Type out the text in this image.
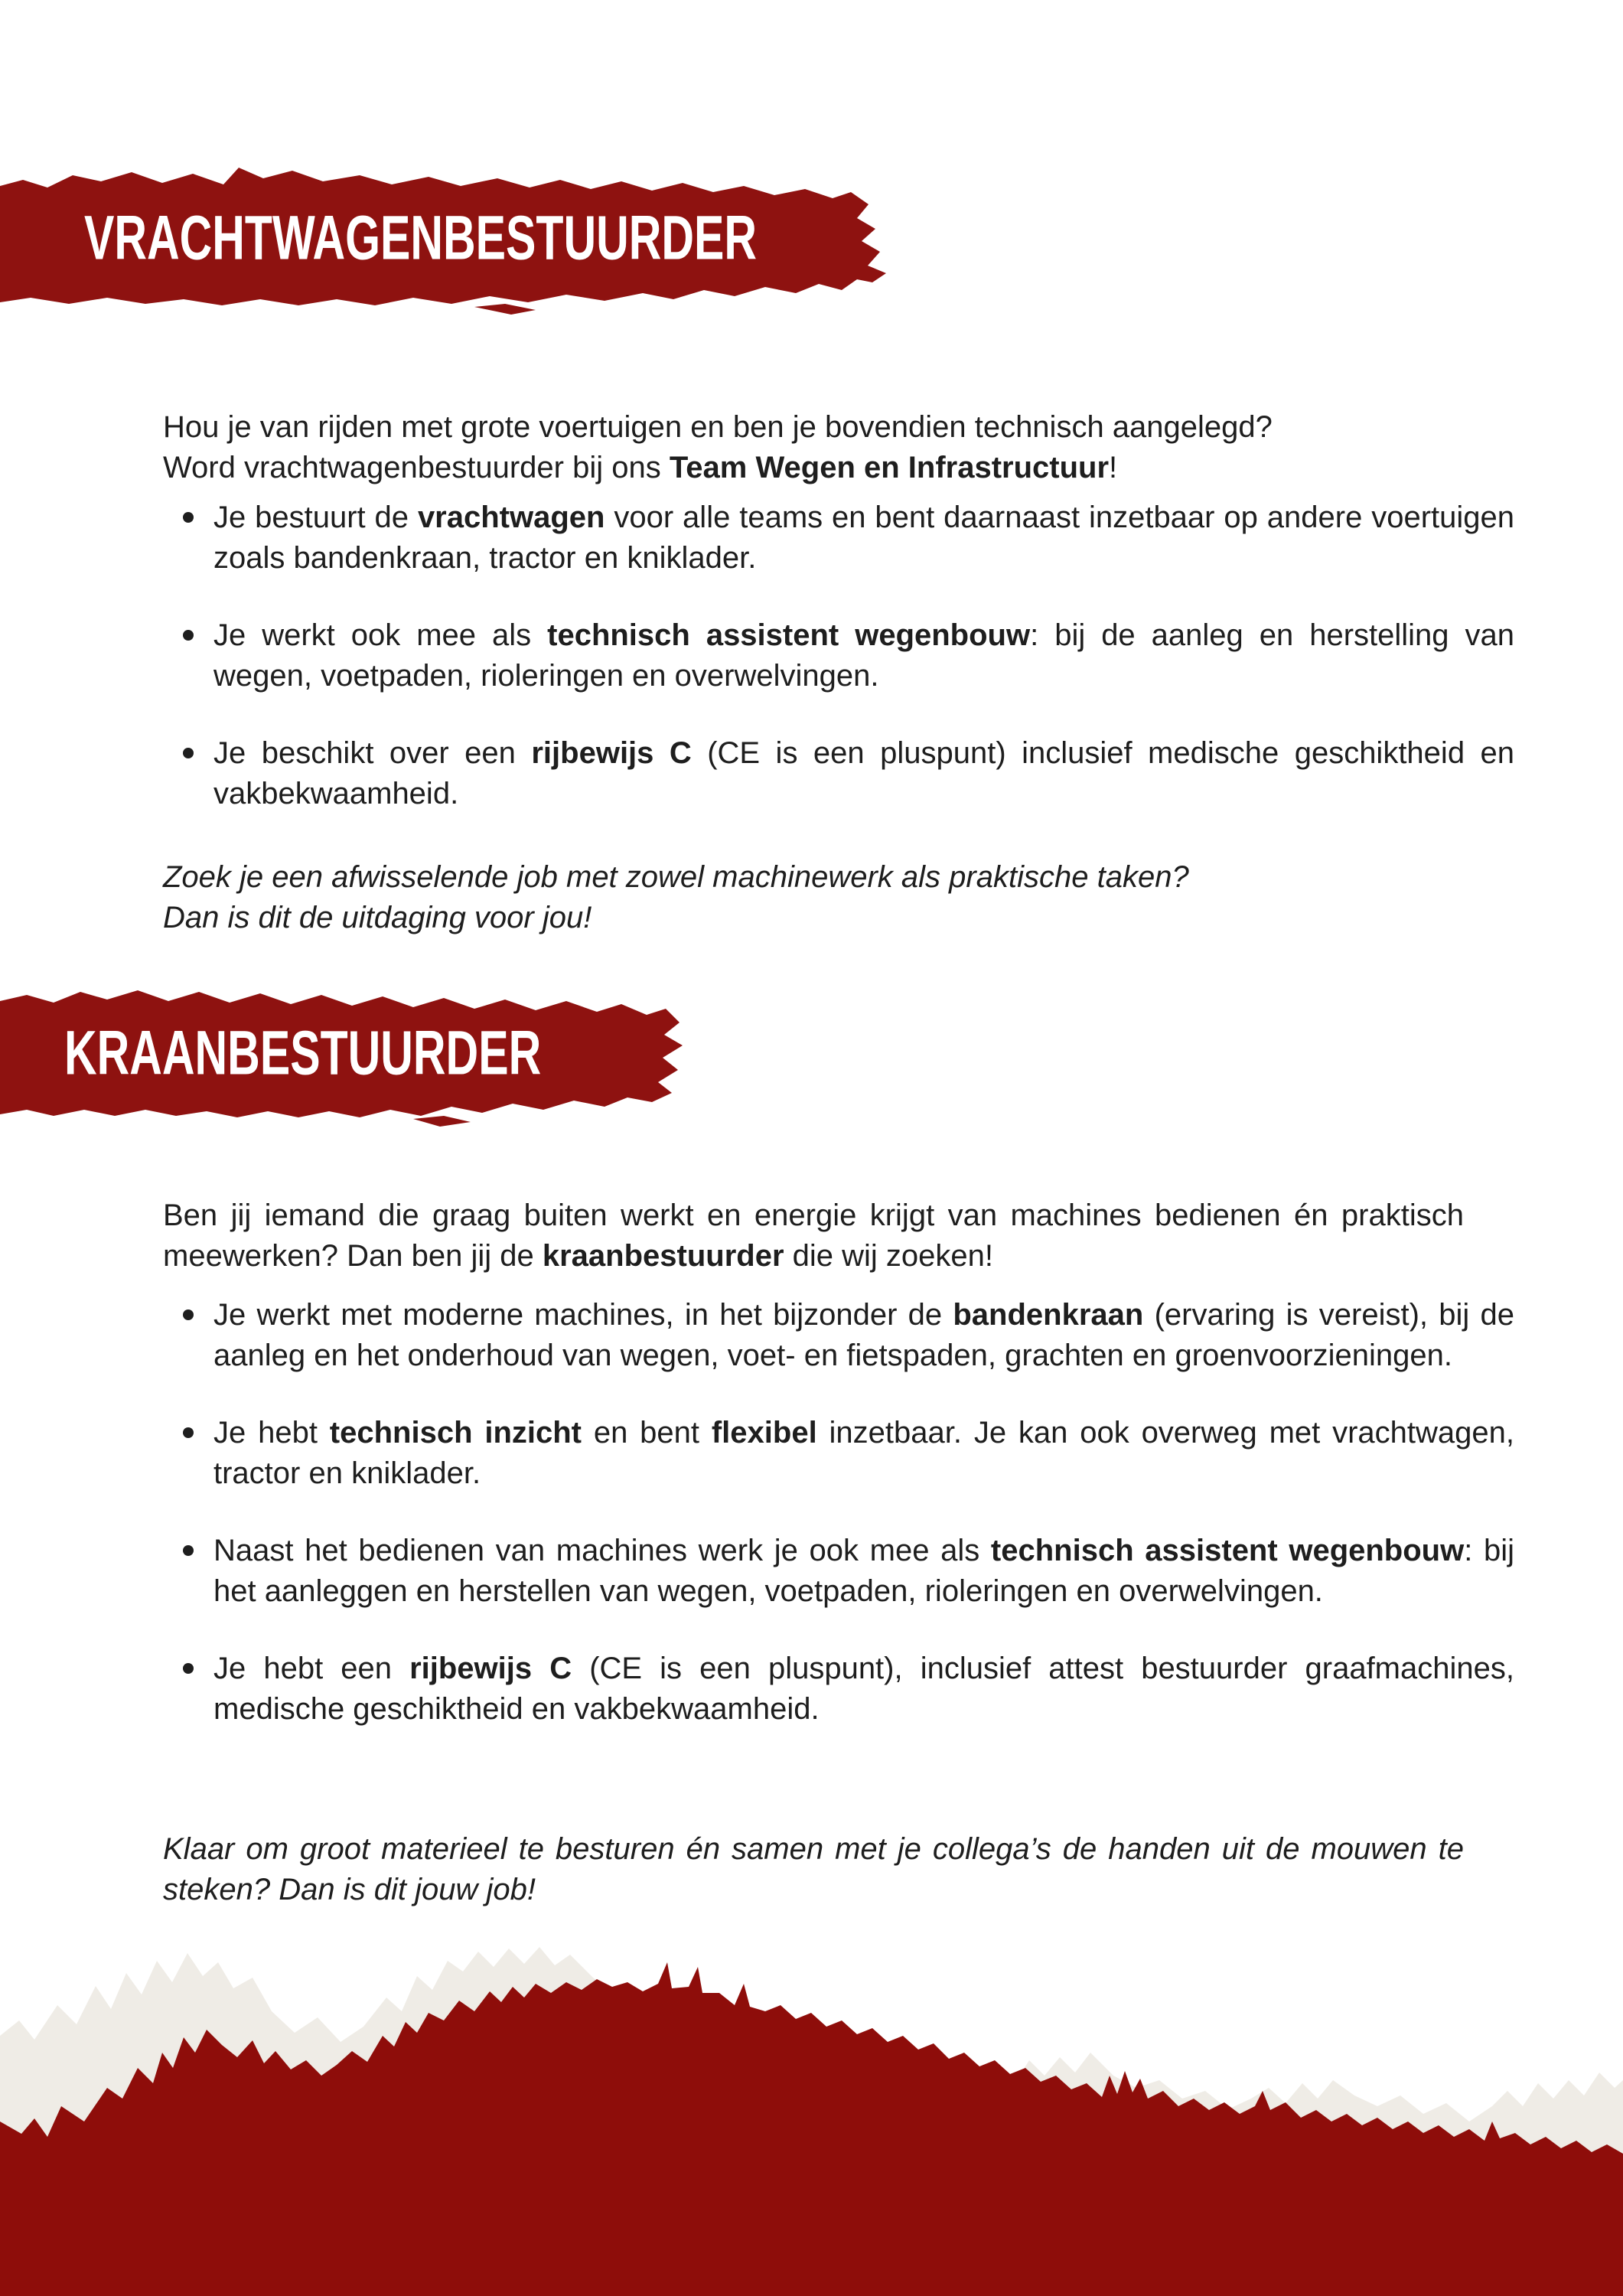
VRACHTWAGENBESTUURDER

Hou je van rijden met grote voertuigen en ben je bovendien technisch aangelegd?
Word vrachtwagenbestuurder bij ons Team Wegen en Infrastructuur!

Je bestuurt de vrachtwagen voor alle teams en bent daarnaast inzetbaar op andere voertuigen zoals bandenkraan, tractor en kniklader.
Je werkt ook mee als technisch assistent wegenbouw: bij de aanleg en herstelling van wegen, voetpaden, rioleringen en overwelvingen.
Je beschikt over een rijbewijs C (CE is een pluspunt) inclusief medische geschiktheid en vakbekwaamheid.

Zoek je een afwisselende job met zowel machinewerk als praktische taken?
Dan is dit de uitdaging voor jou!

KRAANBESTUURDER

Ben jij iemand die graag buiten werkt en energie krijgt van machines bedienen én praktisch meewerken? Dan ben jij de kraanbestuurder die wij zoeken!

Je werkt met moderne machines, in het bijzonder de bandenkraan (ervaring is vereist), bij de aanleg en het onderhoud van wegen, voet- en fietspaden, grachten en groenvoorzieningen.
Je hebt technisch inzicht en bent flexibel inzetbaar. Je kan ook overweg met vrachtwagen, tractor en kniklader.
Naast het bedienen van machines werk je ook mee als technisch assistent wegenbouw: bij het aanleggen en herstellen van wegen, voetpaden, rioleringen en overwelvingen.
Je hebt een rijbewijs C (CE is een pluspunt), inclusief attest bestuurder graafmachines, medische geschiktheid en vakbekwaamheid.

Klaar om groot materieel te besturen én samen met je collega’s de handen uit de mouwen te steken? Dan is dit jouw job!
